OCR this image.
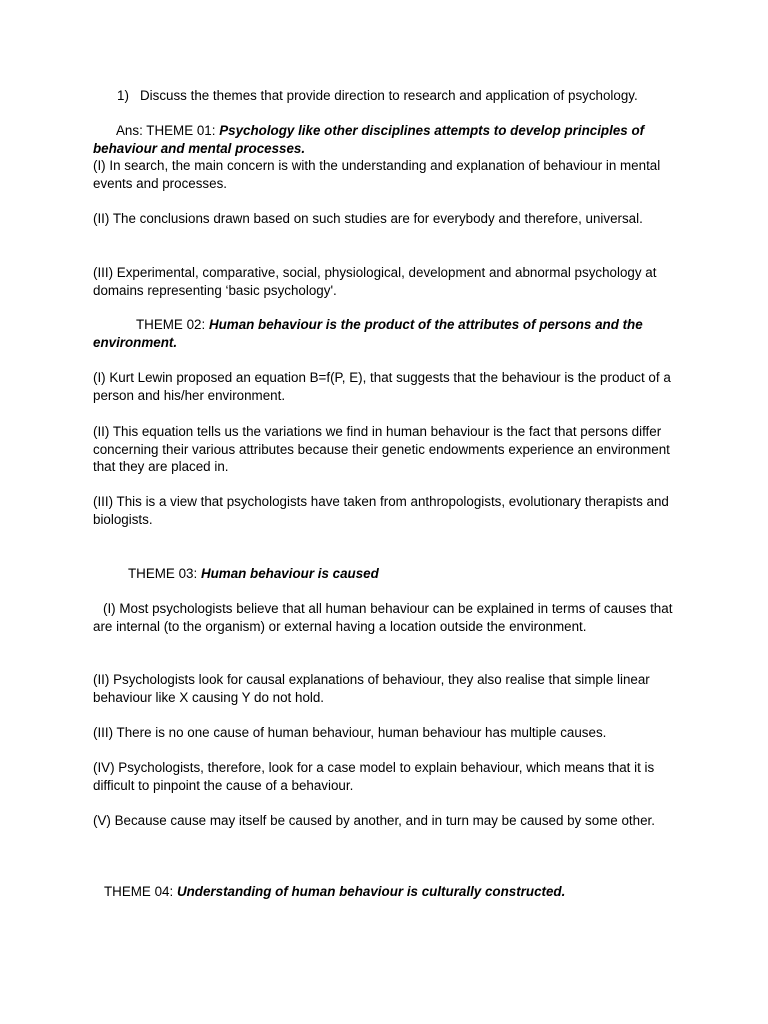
1) Discuss the themes that provide direction to research and application of psychology.

Ans: THEME 01: Psychology like other disciplines attempts to develop principles of behaviour and mental processes.

(I) In search, the main concern is with the understanding and explanation of behaviour in mental events and processes.

(II) The conclusions drawn based on such studies are for everybody and therefore, universal.

(III) Experimental, comparative, social, physiological, development and abnormal psychology at domains representing ‘basic psychology'.

THEME 02: Human behaviour is the product of the attributes of persons and the environment.

(I) Kurt Lewin proposed an equation B=f(P, E), that suggests that the behaviour is the product of a person and his/her environment.

(II) This equation tells us the variations we find in human behaviour is the fact that persons differ concerning their various attributes because their genetic endowments experience an environment that they are placed in.

(III) This is a view that psychologists have taken from anthropologists, evolutionary therapists and biologists.

THEME 03: Human behaviour is caused

(I) Most psychologists believe that all human behaviour can be explained in terms of causes that are internal (to the organism) or external having a location outside the environment.

(II) Psychologists look for causal explanations of behaviour, they also realise that simple linear behaviour like X causing Y do not hold.

(III) There is no one cause of human behaviour, human behaviour has multiple causes.

(IV) Psychologists, therefore, look for a case model to explain behaviour, which means that it is difficult to pinpoint the cause of a behaviour.

(V) Because cause may itself be caused by another, and in turn may be caused by some other.

THEME 04: Understanding of human behaviour is culturally constructed.
